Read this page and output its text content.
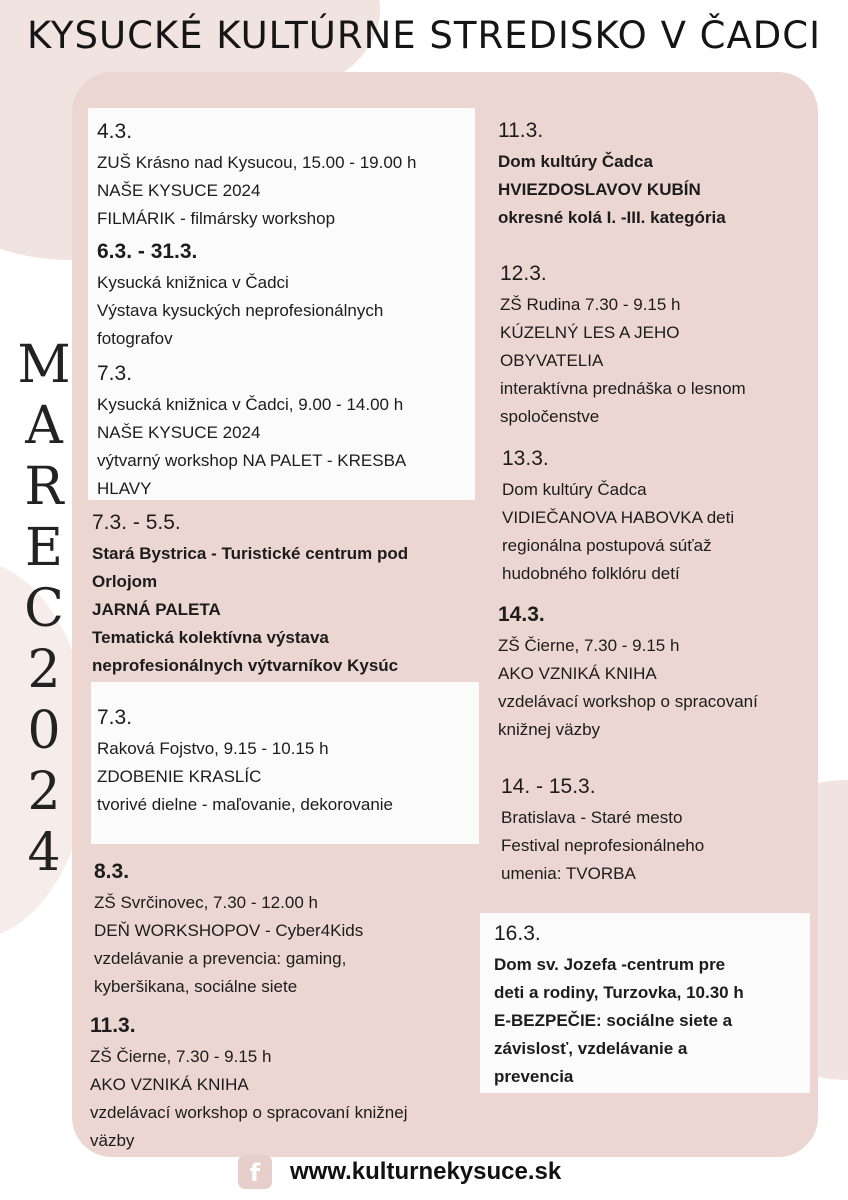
KYSUCKÉ KULTÚRNE STREDISKO V ČADCI
M
A
R
E
C
2
0
2
4
4.3.
ZUŠ Krásno nad Kysucou, 15.00 - 19.00 h
NAŠE KYSUCE 2024
FILMÁRIK - filmársky workshop
6.3. - 31.3.
Kysucká knižnica v Čadci
Výstava kysuckých neprofesionálnych
fotografov
7.3.
Kysucká knižnica v Čadci, 9.00 - 14.00 h
NAŠE KYSUCE 2024
výtvarný workshop NA PALET - KRESBA
HLAVY
7.3. - 5.5.
Stará Bystrica - Turistické centrum pod
Orlojom
JARNÁ PALETA
Tematická kolektívna výstava
neprofesionálnych výtvarníkov Kysúc
7.3.
Raková Fojstvo, 9.15 - 10.15 h
ZDOBENIE KRASLÍC
tvorivé dielne - maľovanie, dekorovanie
8.3.
ZŠ Svrčinovec, 7.30 - 12.00 h
DEŇ WORKSHOPOV - Cyber4Kids
vzdelávanie a prevencia: gaming,
kyberšikana, sociálne siete
11.3.
ZŠ Čierne, 7.30 - 9.15 h
AKO VZNIKÁ KNIHA
vzdelávací workshop o spracovaní knižnej
väzby
11.3.
Dom kultúry Čadca
HVIEZDOSLAVOV KUBÍN
okresné kolá I. -III. kategória
12.3.
ZŠ Rudina 7.30 - 9.15 h
KÚZELNÝ LES A JEHO
OBYVATELIA
interaktívna prednáška o lesnom
spoločenstve
13.3.
Dom kultúry Čadca
VIDIEČANOVA HABOVKA deti
regionálna postupová súťaž
hudobného folklóru detí
14.3.
ZŠ Čierne, 7.30 - 9.15 h
AKO VZNIKÁ KNIHA
vzdelávací workshop o spracovaní
knižnej väzby
14. - 15.3.
Bratislava - Staré mesto
Festival neprofesionálneho
umenia: TVORBA
16.3.
Dom sv. Jozefa -centrum pre
deti a rodiny, Turzovka, 10.30 h
E-BEZPEČIE: sociálne siete a
závislosť, vzdelávanie a
prevencia
f	www.kulturnekysuce.sk
